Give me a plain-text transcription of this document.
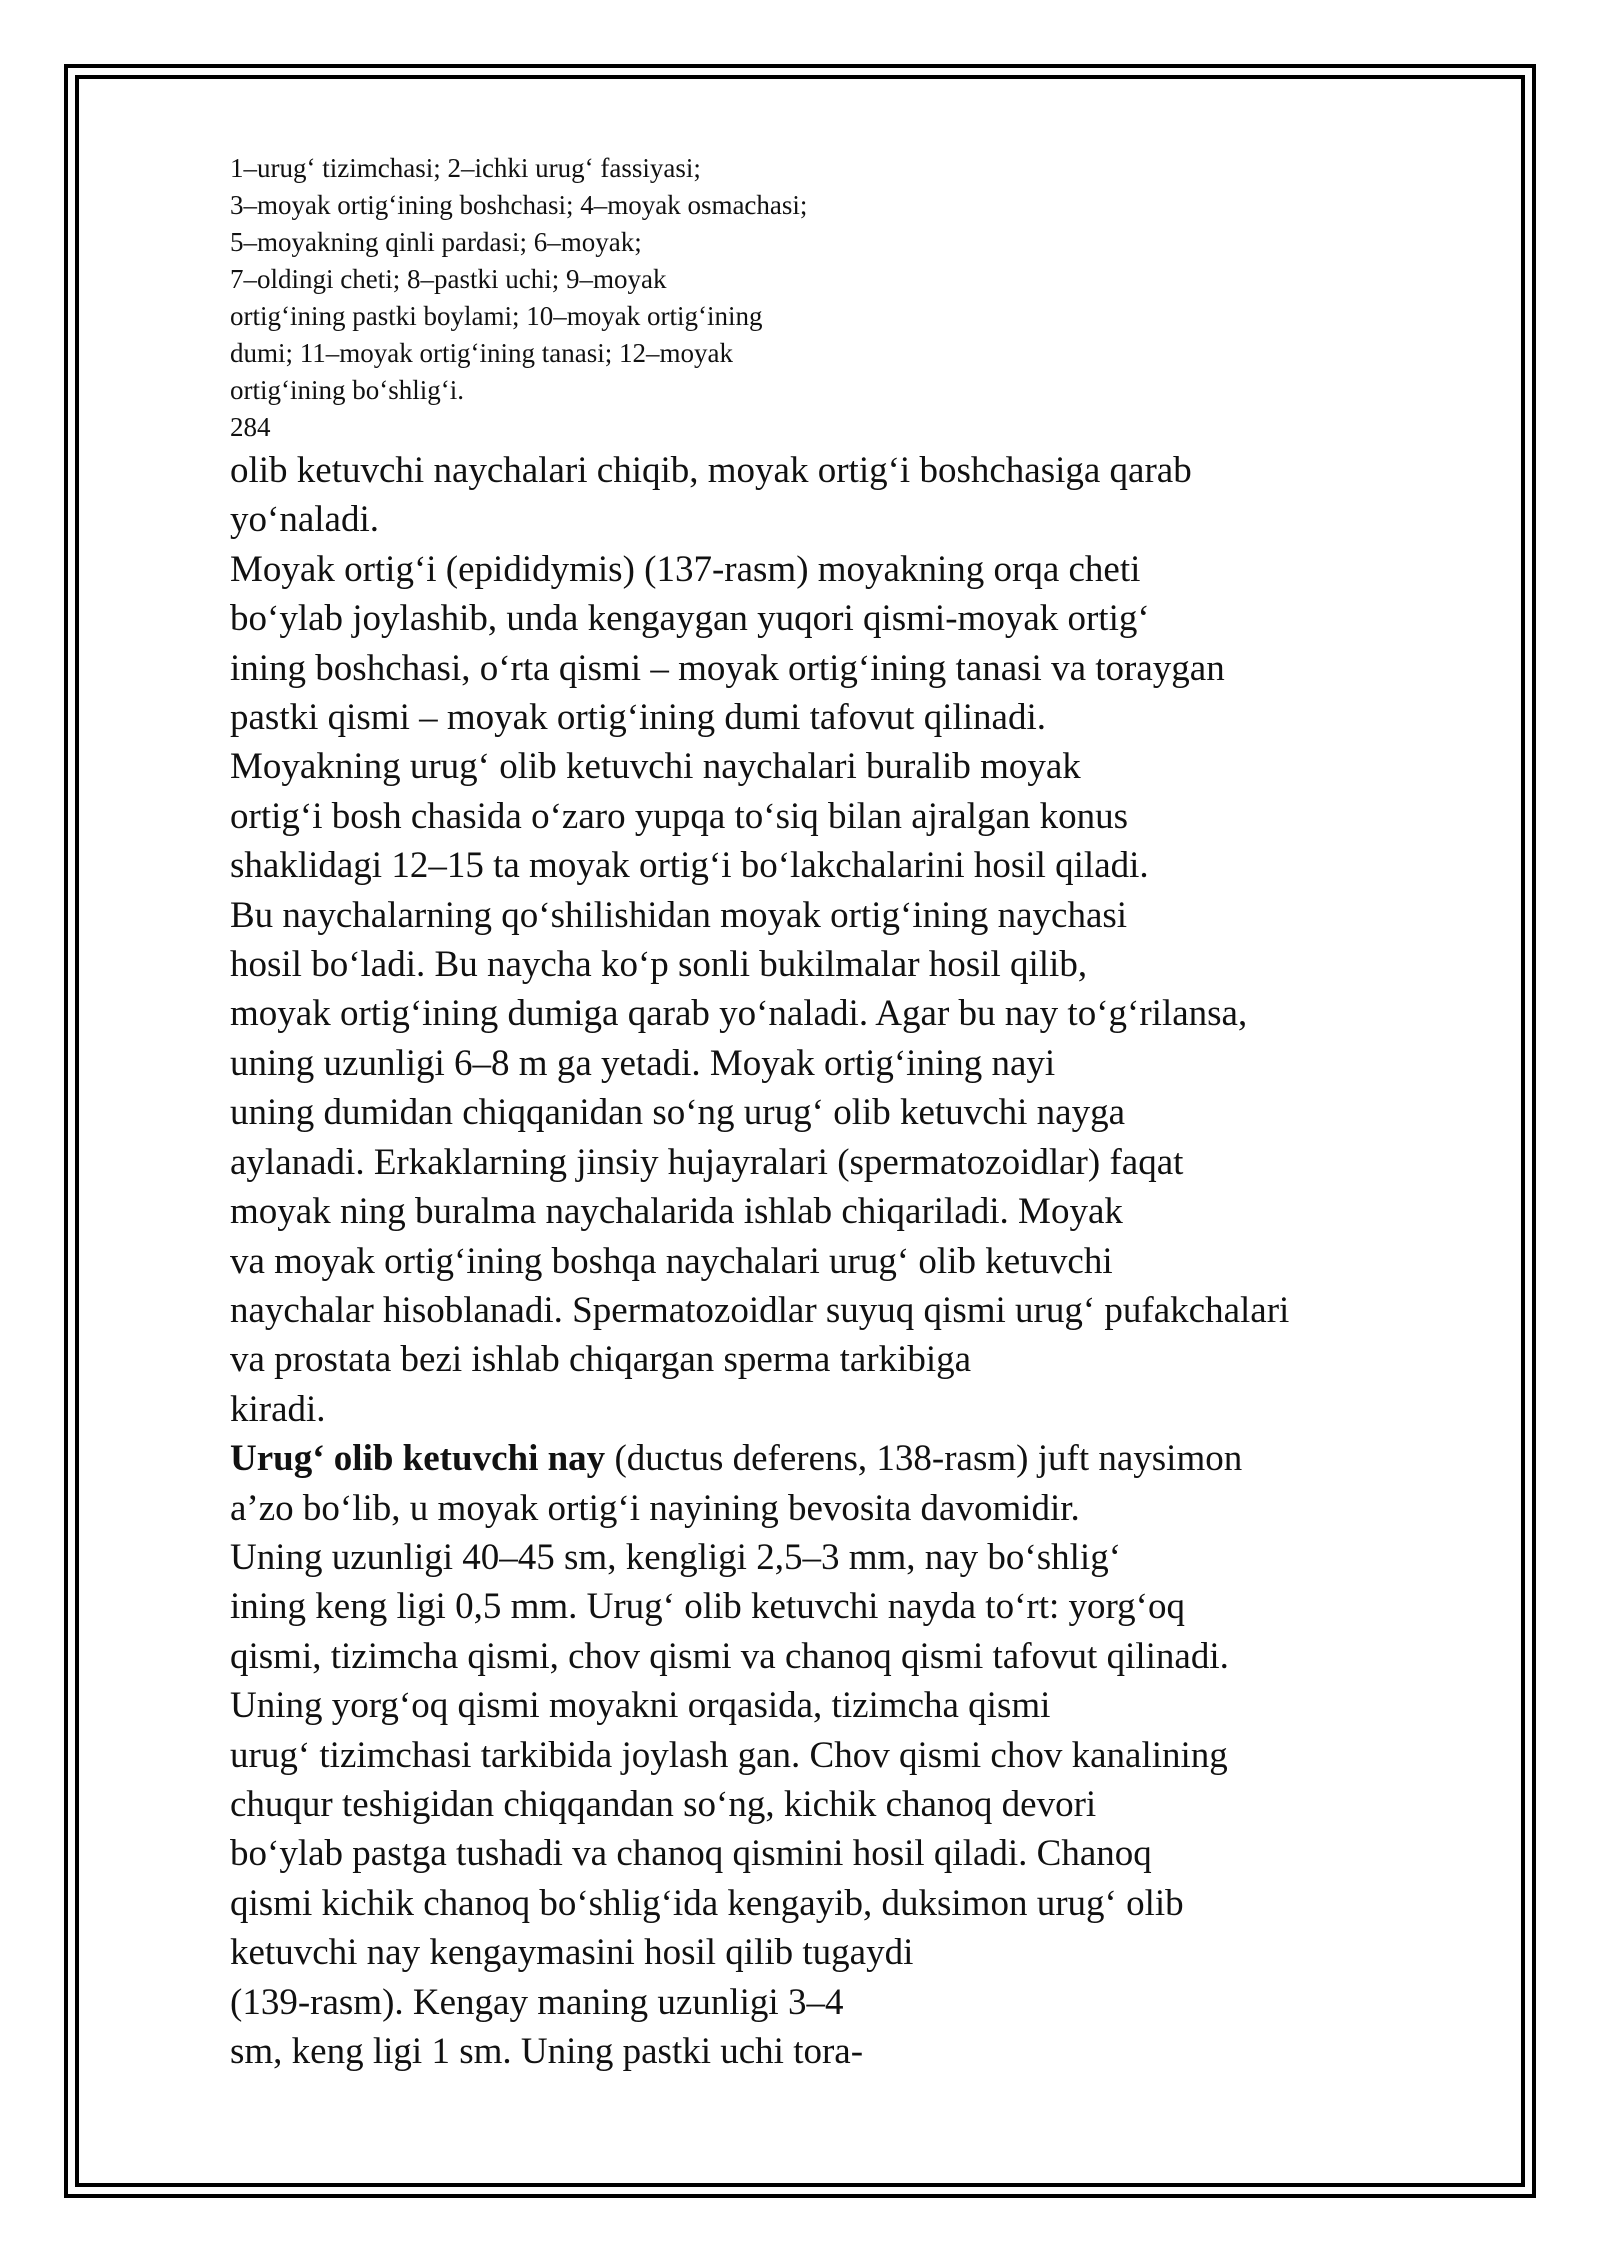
1–urug‘ tizimchasi; 2–ichki urug‘ fassiyasi;
3–moyak ortig‘ining boshchasi; 4–moyak osmachasi;
5–moyakning qinli pardasi; 6–moyak;
7–oldingi cheti; 8–pastki uchi; 9–moyak
ortig‘ining pastki boylami; 10–moyak ortig‘ining
dumi; 11–moyak ortig‘ining tanasi; 12–moyak
ortig‘ining bo‘shlig‘i.
284
olib ketuvchi naychalari chiqib, moyak ortig‘i boshchasiga qarab
yo‘naladi.
Moyak ortig‘i (epididymis) (137-rasm) moyakning orqa cheti
bo‘ylab joylashib, unda kengaygan yuqori qismi-moyak ortig‘
ining boshchasi, o‘rta qismi – moyak ortig‘ining tanasi va toraygan
pastki qismi – moyak ortig‘ining dumi tafovut qilinadi.
Moyakning urug‘ olib ketuvchi naychalari buralib moyak
ortig‘i bosh chasida o‘zaro yupqa to‘siq bilan ajralgan konus
shaklidagi 12–15 ta moyak ortig‘i bo‘lakchalarini hosil qiladi.
Bu naychalarning qo‘shilishidan moyak ortig‘ining naychasi
hosil bo‘ladi. Bu naycha ko‘p sonli bukilmalar hosil qilib,
moyak ortig‘ining dumiga qarab yo‘naladi. Agar bu nay to‘g‘rilansa,
uning uzunligi 6–8 m ga yetadi. Moyak ortig‘ining nayi
uning dumidan chiqqanidan so‘ng urug‘ olib ketuvchi nayga
aylanadi. Erkaklarning jinsiy hujayralari (spermatozoidlar) faqat
moyak ning buralma naychalarida ishlab chiqariladi. Moyak
va moyak ortig‘ining boshqa naychalari urug‘ olib ketuvchi
naychalar hisoblanadi. Spermatozoidlar suyuq qismi urug‘ pufakchalari
va prostata bezi ishlab chiqargan sperma tarkibiga
kiradi.
Urug‘ olib ketuvchi nay (ductus deferens, 138-rasm) juft naysimon
a’zo bo‘lib, u moyak ortig‘i nayining bevosita davomidir.
Uning uzunligi 40–45 sm, kengligi 2,5–3 mm, nay bo‘shlig‘
ining keng ligi 0,5 mm. Urug‘ olib ketuvchi nayda to‘rt: yorg‘oq
qismi, tizimcha qismi, chov qismi va chanoq qismi tafovut qilinadi.
Uning yorg‘oq qismi moyakni orqasida, tizimcha qismi
urug‘ tizimchasi tarkibida joylash gan. Chov qismi chov kanalining
chuqur teshigidan chiqqandan so‘ng, kichik chanoq devori
bo‘ylab pastga tushadi va chanoq qismini hosil qiladi. Chanoq
qismi kichik chanoq bo‘shlig‘ida kengayib, duksimon urug‘ olib
ketuvchi nay kengaymasini hosil qilib tugaydi
(139-rasm). Kengay maning uzunligi 3–4
sm, keng ligi 1 sm. Uning pastki uchi tora-
